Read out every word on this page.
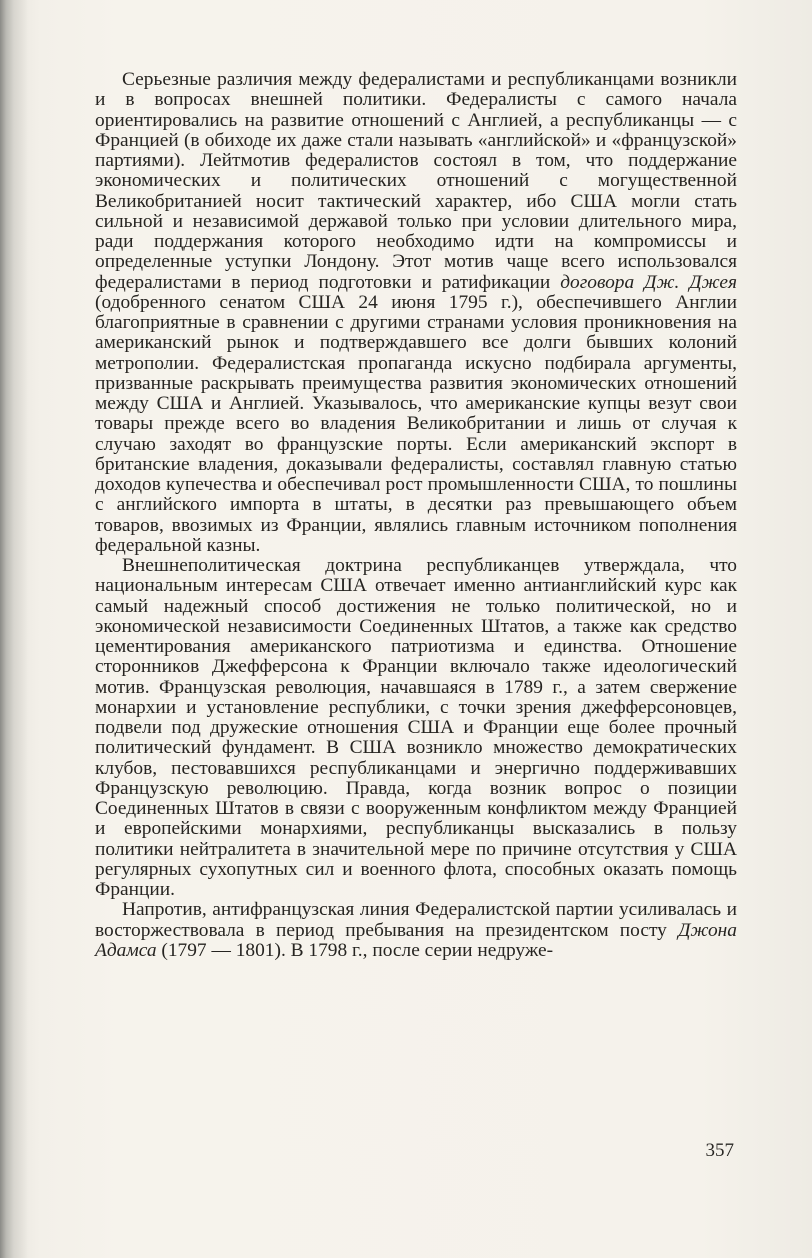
Серьезные различия между федералистами и республиканцами возникли и в вопросах внешней политики. Федералисты с самого начала ориентировались на развитие отношений с Англией, а республиканцы — с Францией (в обиходе их даже стали называть «английской» и «французской» партиями). Лейтмотив федералистов состоял в том, что поддержание экономических и политических отношений с могущественной Великобританией носит тактический характер, ибо США могли стать сильной и независимой державой только при условии длительного мира, ради поддержания которого необходимо идти на компромиссы и определенные уступки Лондону. Этот мотив чаще всего использовался федералистами в период подготовки и ратификации договора Дж. Джея (одобренного сенатом США 24 июня 1795 г.), обеспечившего Англии благоприятные в сравнении с другими странами условия проникновения на американский рынок и подтверждавшего все долги бывших колоний метрополии. Федералистская пропаганда искусно подбирала аргументы, призванные раскрывать преимущества развития экономических отношений между США и Англией. Указывалось, что американские купцы везут свои товары прежде всего во владения Великобритании и лишь от случая к случаю заходят во французские порты. Если американский экспорт в британские владения, доказывали федералисты, составлял главную статью доходов купечества и обеспечивал рост промышленности США, то пошлины с английского импорта в штаты, в десятки раз превышающего объем товаров, ввозимых из Франции, являлись главным источником пополнения федеральной казны.

Внешнеполитическая доктрина республиканцев утверждала, что национальным интересам США отвечает именно антианглийский курс как самый надежный способ достижения не только политической, но и экономической независимости Соединенных Штатов, а также как средство цементирования американского патриотизма и единства. Отношение сторонников Джефферсона к Франции включало также идеологический мотив. Французская революция, начавшаяся в 1789 г., а затем свержение монархии и установление республики, с точки зрения джефферсоновцев, подвели под дружеские отношения США и Франции еще более прочный политический фундамент. В США возникло множество демократических клубов, пестовавшихся республиканцами и энергично поддерживавших Французскую революцию. Правда, когда возник вопрос о позиции Соединенных Штатов в связи с вооруженным конфликтом между Францией и европейскими монархиями, республиканцы высказались в пользу политики нейтралитета в значительной мере по причине отсутствия у США регулярных сухопутных сил и военного флота, способных оказать помощь Франции.

Напротив, антифранцузская линия Федералистской партии усиливалась и восторжествовала в период пребывания на президентском посту Джона Адамса (1797 — 1801). В 1798 г., после серии недруже-

357
